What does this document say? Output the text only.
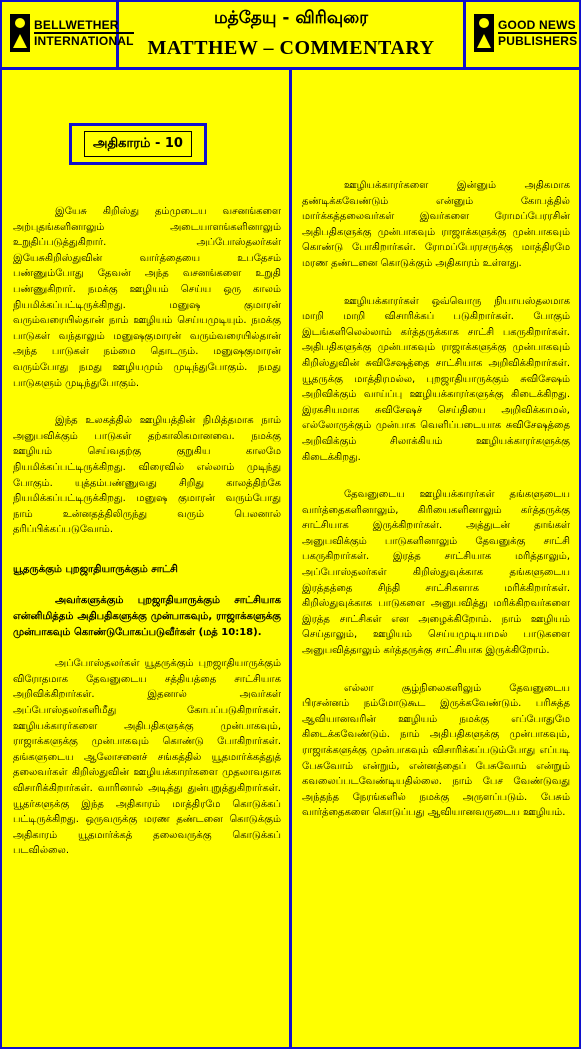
BELLWETHER
INTERNATIONAL
மத்தேயு - விரிவுரை
MATTHEW – COMMENTARY
GOOD NEWS
PUBLISHERS
அதிகாரம் - 10

இயேசு கிறிஸ்து தம்முடைய வசனங்களை அற்புதங்களினாலும் அடையாளங்களினாலும் உறுதிப்படுத்துகிறார். அப்போஸ்தலர்கள் இயேசுகிறிஸ்துவின் வார்த்தையை உபதேசம் பண்ணும்போது தேவன் அந்த வசனங்களை உறுதி பண்ணுகிறார். நமக்கு ஊழியம் செய்ய ஒரு காலம் நியமிக்கப்பட்டிருக்கிறது. மனுஷ குமாரன் வரும்வரையில்தான் நாம் ஊழியம் செய்யமுடியும். நமக்கு பாடுகள் வந்தாலும் மனுஷகுமாரன் வரும்வரையில்தான் அந்த பாடுகள் நம்மை தொடரும். மனுஷகுமாரன் வரும்போது நமது ஊழியமும் முடிந்துபோகும். நமது பாடுகளும் முடிந்துபோகும்.

இந்த உலகத்தில் ஊழியத்தின் நிமித்தமாக நாம் அனுபவிக்கும் பாடுகள் தற்காலிகமானவை. நமக்கு ஊழியம் செய்வதற்கு குறுகிய காலமே நியமிக்கப்பட்டிருக்கிறது. விரைவில் எல்லாம் முடிந்து போகும். யுத்தம்பண்ணுவது சிறிது காலத்திற்கே நியமிக்கப்பட்டிருக்கிறது. மனுஷ குமாரன் வரும்போது நாம் உன்னதத்திலிருந்து வரும் பெலனால் தரிப்பிக்கப்படுவோம்.

யூதருக்கும் புறஜாதியாருக்கும் சாட்சி

அவர்களுக்கும் புறஜாதியாருக்கும் சாட்சியாக என்னிமித்தம் அதிபதிகளுக்கு முன்பாகவும், ராஜாக்களுக்கு முன்பாகவும் கொண்டுபோகப்படுவீர்கள் (மத் 10:18).

அப்போஸ்தலர்கள் யூதருக்கும் புறஜாதியாருக்கும் விரோதமாக தேவனுடைய சத்தியத்தை சாட்சியாக அறிவிக்கிறார்கள். இதனால் அவர்கள் அப்போஸ்தலர்களிமீது கோபப்படுகிறார்கள். ஊழியக்காரர்களை அதிபதிகளுக்கு முன்பாகவும், ராஜாக்களுக்கு முன்பாகவும் கொண்டு போகிறார்கள். தங்களுடைய ஆலோசனைச் சங்கத்தில் யூதமார்க்கத்துத் தலைவர்கள் கிறிஸ்துவின் ஊழியக்காரர்களை முதலாவதாக விசாரிக்கிறார்கள். வாரினால் அடித்து துன்புறுத்துகிறார்கள். யூதர்களுக்கு இந்த அதிகாரம் மாத்திரமே கொடுக்கப் பட்டிருக்கிறது. ஒருவருக்கு மரண தண்டனை கொடுக்கும் அதிகாரம் யூதமார்க்கத் தலைவருக்கு கொடுக்கப் படவில்லை.

ஊழியக்காரர்களை இன்னும் அதிகமாக தண்டிக்கவேண்டும் என்னும் கோபத்தில் மார்க்கத்தலைவர்கள் இவர்களை ரோமப்பேரரசின் அதிபதிகளுக்கு முன்பாகவும் ராஜாக்களுக்கு முன்பாகவும் கொண்டு போகிறார்கள். ரோமப்பேரரசருக்கு மாத்திரமே மரண தண்டனை கொடுக்கும் அதிகாரம் உள்ளது.

ஊழியக்காரர்கள் ஒவ்வொரு நியாயஸ்தலமாக மாறி மாறி விசாரிக்கப் படுகிறார்கள். போகும் இடங்களிலெல்லாம் கர்த்தருக்காக சாட்சி பகருகிறார்கள். அதிபதிகளுக்கு முன்பாகவும் ராஜாக்களுக்கு முன்பாகவும் கிறிஸ்துவின் சுவிசேஷத்தை சாட்சியாக அறிவிக்கிறார்கள். யூதருக்கு மாத்திரமல்ல, புறஜாதியாருக்கும் சுவிசேஷம் அறிவிக்கும் வாய்ப்பு ஊழியக்காரர்களுக்கு கிடைக்கிறது. இரகசியமாக சுவிசேஷச் செய்தியை அறிவிக்காமல், எல்லோருக்கும் முன்பாக வெளிப்படையாக சுவிசேஷத்தை அறிவிக்கும் சிலாக்கியம் ஊழியக்காரர்களுக்கு கிடைக்கிறது.

தேவனுடைய ஊழியக்காரர்கள் தங்களுடைய வார்த்தைகளினாலும், கிரியைகளினாலும் கர்த்தருக்கு சாட்சியாக இருக்கிறார்கள். அத்துடன் தாங்கள் அனுபவிக்கும் பாடுகளினாலும் தேவனுக்கு சாட்சி பகருகிறார்கள். இரத்த சாட்சியாக மரித்தாலும், அப்போஸ்தலர்கள் கிறிஸ்துவுக்காக தங்களுடைய இரத்தத்தை சிந்தி சாட்சிகளாக மரிக்கிறார்கள். கிறிஸ்துவுக்காக பாடுகளை அனுபவித்து மரிக்கிறவர்களை இரத்த சாட்சிகள் என அழைக்கிறோம். நாம் ஊழியம் செய்தாலும், ஊழியம் செய்யமுடியாமல் பாடுகளை அனுபவித்தாலும் கர்த்தருக்கு சாட்சியாக இருக்கிறோம்.

எல்லா சூழ்நிலைகளிலும் தேவனுடைய பிரசன்னம் நம்மோடுகூட இருக்கவேண்டும். பரிசுத்த ஆவியானவரின் ஊழியம் நமக்கு எப்போதுமே கிடைக்கவேண்டும். நாம் அதிபதிகளுக்கு முன்பாகவும், ராஜாக்களுக்கு முன்பாகவும் விசாரிக்கப்படும்போது எப்படி பேசுவோம் என்றும், என்னத்தைப் பேசுவோம் என்றும் கவலைப்படவேண்டியதில்லை. நாம் பேச வேண்டுவது அந்தந்த நேரங்களில் நமக்கு அருளப்படும். பேசும் வார்த்தைகளை கொடுப்பது ஆவியானவருடைய ஊழியம்.
